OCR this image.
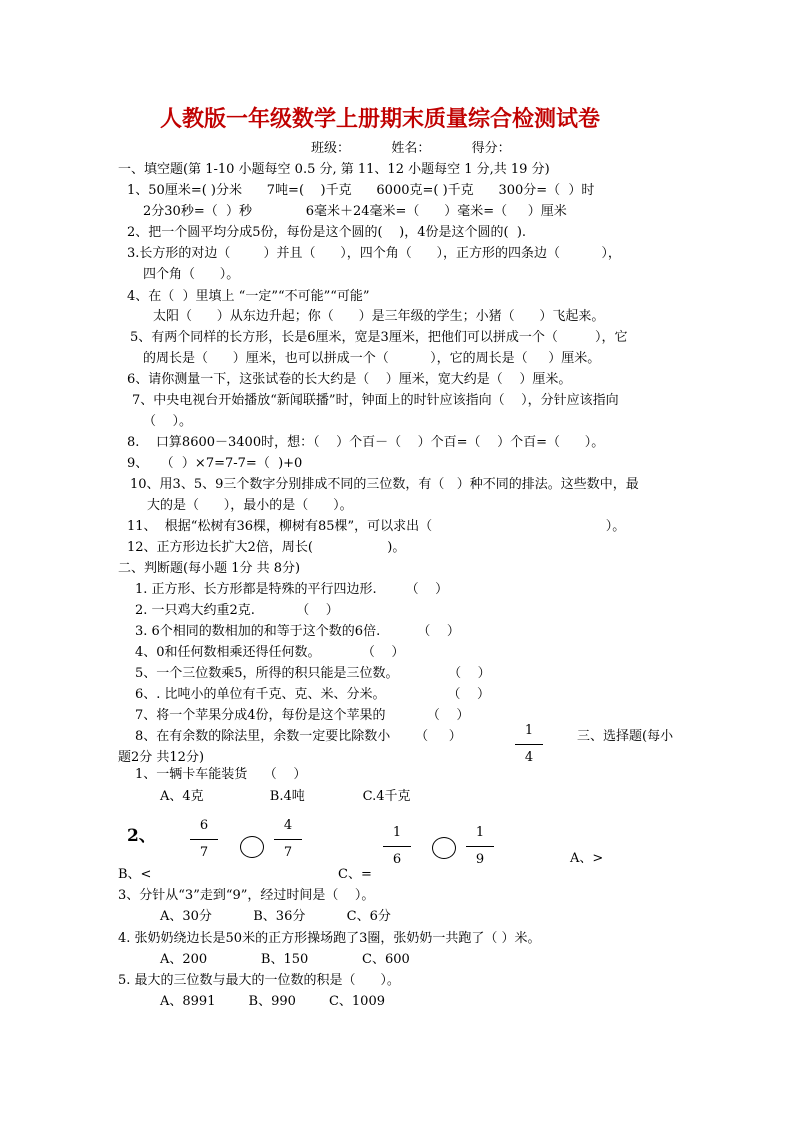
人教版一年级数学上册期末质量综合检测试卷
班级：          姓名：          得分：
一、填空题(第 1-10 小题每空 0.5 分, 第 11、12 小题每空 1 分,共 19 分)
1、50厘米=( )分米      7吨=(    )千克      6000克=( )千克      300分=（  ）时
2分30秒=（  ）秒             6毫米＋24毫米=（      ）毫米=（     ）厘米
2、把一个圆平均分成5份，每份是这个圆的(    )，4份是这个圆的(  ).
3.长方形的对边（        ）并且（      ），四个角（      ），正方形的四条边（          ），
四个角（      ）。
4、在（  ）里填上 “一定”“不可能”“可能”
太阳（      ）从东边升起；你（      ）是三年级的学生；小猪（      ）飞起来。
5、有两个同样的长方形，长是6厘米，宽是3厘米，把他们可以拼成一个（         ），它
的周长是（      ）厘米，也可以拼成一个（          ），它的周长是（     ）厘米。
6、请你测量一下，这张试卷的长大约是（    ）厘米，宽大约是（    ）厘米。
7、中央电视台开始播放“新闻联播”时，钟面上的时针应该指向（    ），分针应该指向
（    ）。
8.    口算8600－3400时，想：（    ）个百－（    ）个百=（    ）个百=（      ）。
9、   （  ）×7=7-7=（  )+0
10、用3、5、9三个数字分别排成不同的三位数，有（   ）种不同的排法。这些数中，最
大的是（      ），最小的是（      ）。
11、  根据“松树有36棵，柳树有85棵”，可以求出（                                          ）。
12、正方形边长扩大2倍，周长(                  )。
二、判断题(每小题 1分 共 8分)
1. 正方形、长方形都是特殊的平行四边形.       （    ）
2. 一只鸡大约重2克.          （    ）
3. 6个相同的数相加的和等于这个数的6倍.         （    ）
4、0和任何数相乘还得任何数。          （    ）
5、一个三位数乘5，所得的积只能是三位数。            （    ）
6、. 比吨小的单位有千克、克、米、分米。               （    ）
7、将一个苹果分成4份，每份是这个苹果的          （    ）
8、在有余数的除法里，余数一定要比除数小      （     ）	1
4
三、选择题(每小
题2分 共12分)
1、一辆卡车能装货    （    ）
A、4克                B.4吨              C.4千克
2、
6
7
4
7
1
6
1
9	A、>
B、<	C、=
3、分针从“3”走到“9”，经过时间是（    ）。
A、30分          B、36分          C、6分
4. 张奶奶绕边长是50米的正方形操场跑了3圈，张奶奶一共跑了（ ）米。
A、200             B、150             C、600
5. 最大的三位数与最大的一位数的积是（      ）。
A、8991        B、990        C、1009
